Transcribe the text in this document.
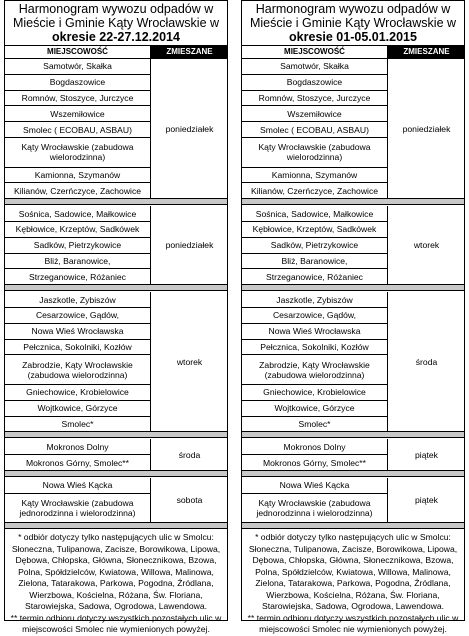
Harmonogram wywozu odpadów w
Mieście i Gminie Kąty Wrocławskie w
okresie 22-27.12.2014
MIEJSCOWOŚĆ	ZMIESZANE
Samotwór, Skałka
Bogdaszowice
Romnów, Stoszyce, Jurczyce
Wszemiłowice
Smolec ( ECOBAU, ASBAU)
Kąty Wrocławskie (zabudowa wielorodzinna)
Kamionna, Szymanów
Kilianów, Czerńczyce, Zachowice
poniedziałek
Sośnica, Sadowice, Małkowice
Kębłowice, Krzeptów, Sadkówek
Sadków, Pietrzykowice
Bliż, Baranowice,
Strzeganowice, Różaniec
poniedziałek
Jaszkotle, Zybiszów
Cesarzowice, Gądów,
Nowa Wieś Wrocławska
Pełcznica, Sokolniki, Kozłów
Zabrodzie, Kąty Wrocławskie (zabudowa wielorodzinna)
Gniechowice, Krobielowice
Wojtkowice, Górzyce
Smolec*
wtorek
Mokronos Dolny
Mokronos Górny, Smolec**
środa
Nowa Wieś Kącka
Kąty Wrocławskie (zabudowa jednorodzinna i wielorodzinna)
sobota

* odbiór dotyczy tylko następujących ulic w Smolcu: Słoneczna, Tulipanowa, Zacisze, Borowikowa, Lipowa, Dębowa, Chłopska, Główna, Słonecznikowa, Bzowa, Polna, Spółdzielców, Kwiatowa, Willowa, Malinowa, Zielona, Tatarakowa, Parkowa, Pogodna, Źródlana, Wierzbowa, Kościelna, Różana, Św. Floriana, Starowiejska, Sadowa, Ogrodowa, Lawendowa.

** termin odbioru dotyczy wszystkich pozostałych ulic w miejscowości Smolec nie wymienionych powyżej.

Harmonogram wywozu odpadów w
Mieście i Gminie Kąty Wrocławskie w
okresie 01-05.01.2015
MIEJSCOWOŚĆ	ZMIESZANE
Samotwór, Skałka
Bogdaszowice
Romnów, Stoszyce, Jurczyce
Wszemiłowice
Smolec ( ECOBAU, ASBAU)
Kąty Wrocławskie (zabudowa wielorodzinna)
Kamionna, Szymanów
Kilianów, Czerńczyce, Zachowice
poniedziałek
Sośnica, Sadowice, Małkowice
Kębłowice, Krzeptów, Sadkówek
Sadków, Pietrzykowice
Bliż, Baranowice,
Strzeganowice, Różaniec
wtorek
Jaszkotle, Zybiszów
Cesarzowice, Gądów,
Nowa Wieś Wrocławska
Pełcznica, Sokolniki, Kozłów
Zabrodzie, Kąty Wrocławskie (zabudowa wielorodzinna)
Gniechowice, Krobielowice
Wojtkowice, Górzyce
Smolec*
środa
Mokronos Dolny
Mokronos Górny, Smolec**
piątek
Nowa Wieś Kącka
Kąty Wrocławskie (zabudowa jednorodzinna i wielorodzinna)
piątek

* odbiór dotyczy tylko następujących ulic w Smolcu: Słoneczna, Tulipanowa, Zacisze, Borowikowa, Lipowa, Dębowa, Chłopska, Główna, Słonecznikowa, Bzowa, Polna, Spółdzielców, Kwiatowa, Willowa, Malinowa, Zielona, Tatarakowa, Parkowa, Pogodna, Źródlana, Wierzbowa, Kościelna, Różana, Św. Floriana, Starowiejska, Sadowa, Ogrodowa, Lawendowa.

** termin odbioru dotyczy wszystkich pozostałych ulic w miejscowości Smolec nie wymienionych powyżej.
